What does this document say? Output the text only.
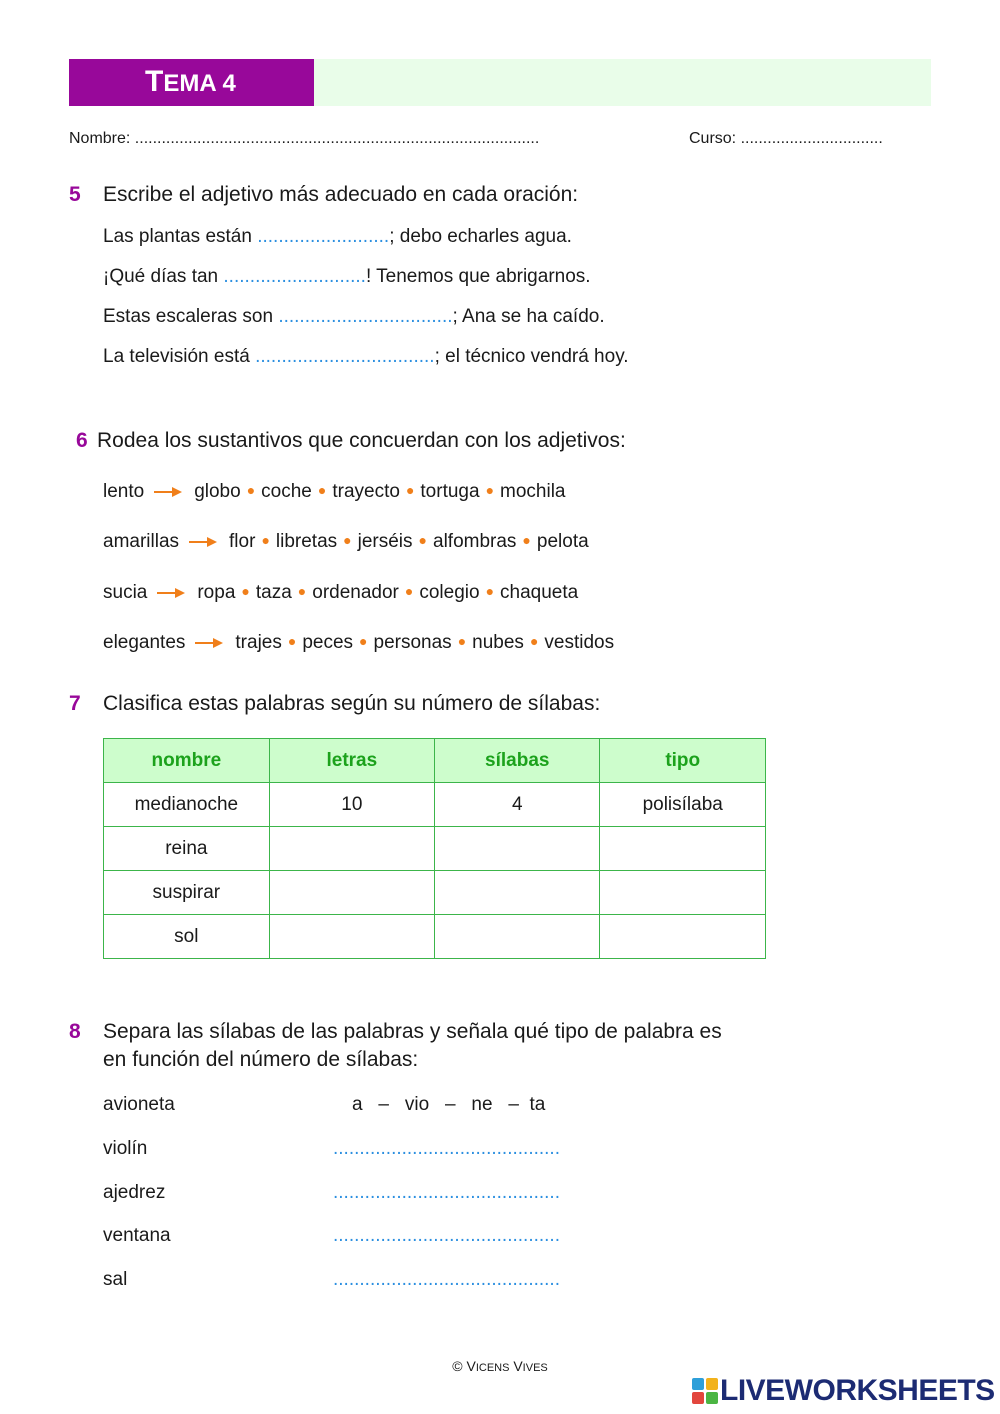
TEMA 4
Nombre: ...........................................................................................	Curso: ................................
5 Escribe el adjetivo más adecuado en cada oración:
Las plantas están .........................; debo echarles agua.
¡Qué días tan ...........................! Tenemos que abrigarnos.
Estas escaleras son .................................; Ana se ha caído.
La televisión está ..................................; el técnico vendrá hoy.
6 Rodea los sustantivos que concuerdan con los adjetivos:
lento	globo ● coche ● trayecto ● tortuga ● mochila
amarillas	flor ● libretas ● jerséis ● alfombras ● pelota
sucia	ropa ● taza ● ordenador ● colegio ● chaqueta
elegantes	trajes ● peces ● personas ● nubes ● vestidos
7 Clasifica estas palabras según su número de sílabas:
nombre	letras	sílabas	tipo
medianoche	10	4	polisílaba
reina			
suspirar			
sol			
8 Separa las sílabas de las palabras y señala qué tipo de palabra es
en función del número de sílabas:
avioneta	a – vio – ne – ta
violín	...........................................
ajedrez	...........................................
ventana	...........................................
sal	...........................................
© VICENS VIVES
LIVEWORKSHEETS
